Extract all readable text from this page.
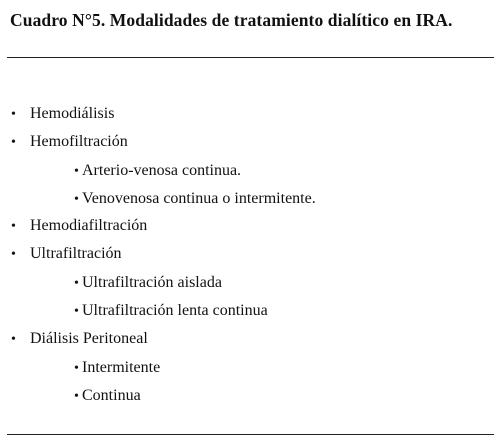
Cuadro N°5. Modalidades de tratamiento dialítico en IRA.
• Hemodiálisis
• Hemofiltración
• Arterio-venosa continua.
• Venovenosa continua o intermitente.
• Hemodiafiltración
• Ultrafiltración
• Ultrafiltración aislada
• Ultrafiltración lenta continua
• Diálisis Peritoneal
• Intermitente
• Continua
